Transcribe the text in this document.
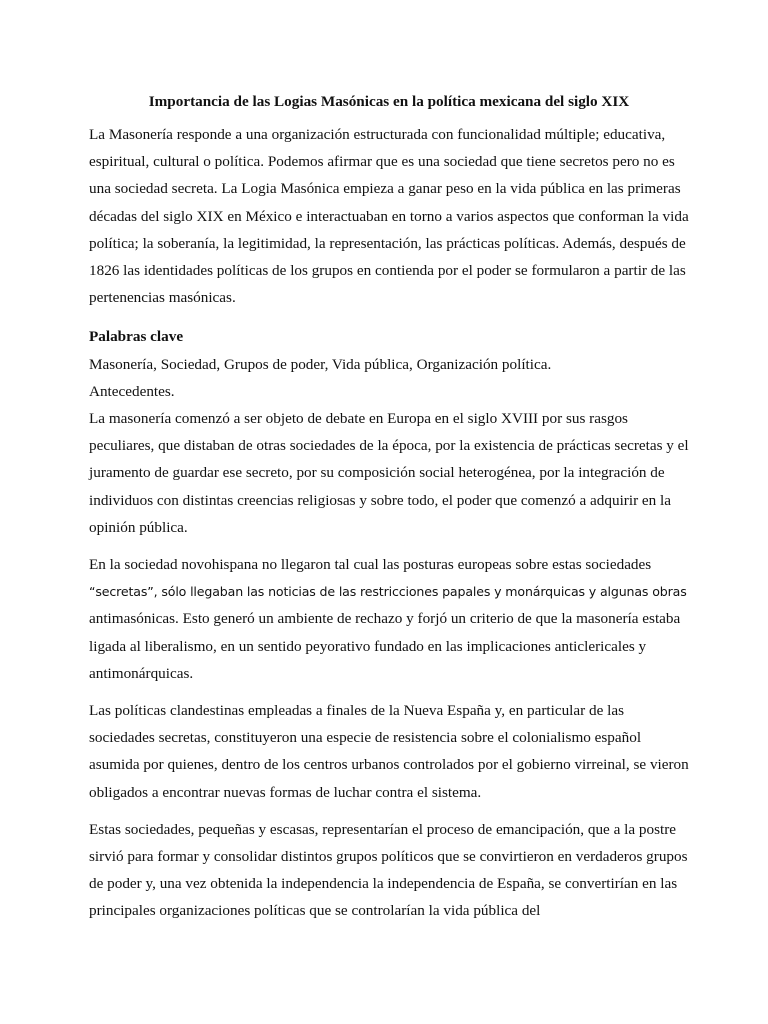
Importancia de las Logias Masónicas en la política mexicana del siglo XIX

La Masonería responde a una organización estructurada con funcionalidad múltiple; educativa, espiritual, cultural o política. Podemos afirmar que es una sociedad que tiene secretos pero no es una sociedad secreta. La Logia Masónica empieza a ganar peso en la vida pública en las primeras décadas del siglo XIX en México e interactuaban en torno a varios aspectos que conforman la vida política; la soberanía, la legitimidad, la representación, las prácticas políticas. Además, después de 1826 las identidades políticas de los grupos en contienda por el poder se formularon a partir de las pertenencias masónicas.

Palabras clave

Masonería, Sociedad, Grupos de poder, Vida pública, Organización política.

Antecedentes.

La masonería comenzó a ser objeto de debate en Europa en el siglo XVIII por sus rasgos peculiares, que distaban de otras sociedades de la época, por la existencia de prácticas secretas y el juramento de guardar ese secreto, por su composición social heterogénea, por la integración de individuos con distintas creencias religiosas y sobre todo, el poder que comenzó a adquirir en la opinión pública.

En la sociedad novohispana no llegaron tal cual las posturas europeas sobre estas sociedades
“secretas”, sólo llegaban las noticias de las restricciones papales y monárquicas y algunas obras
antimasónicas. Esto generó un ambiente de rechazo y forjó un criterio de que la masonería estaba ligada al liberalismo, en un sentido peyorativo fundado en las implicaciones anticlericales y antimonárquicas.

Las políticas clandestinas empleadas a finales de la Nueva España y, en particular de las sociedades secretas, constituyeron una especie de resistencia sobre el colonialismo español asumida por quienes, dentro de los centros urbanos controlados por el gobierno virreinal, se vieron obligados a encontrar nuevas formas de luchar contra el sistema.

Estas sociedades, pequeñas y escasas, representarían el proceso de emancipación, que a la postre sirvió para formar y consolidar distintos grupos políticos que se convirtieron en verdaderos grupos de poder y, una vez obtenida la independencia la independencia de España, se convertirían en las principales organizaciones políticas que se controlarían la vida pública del
